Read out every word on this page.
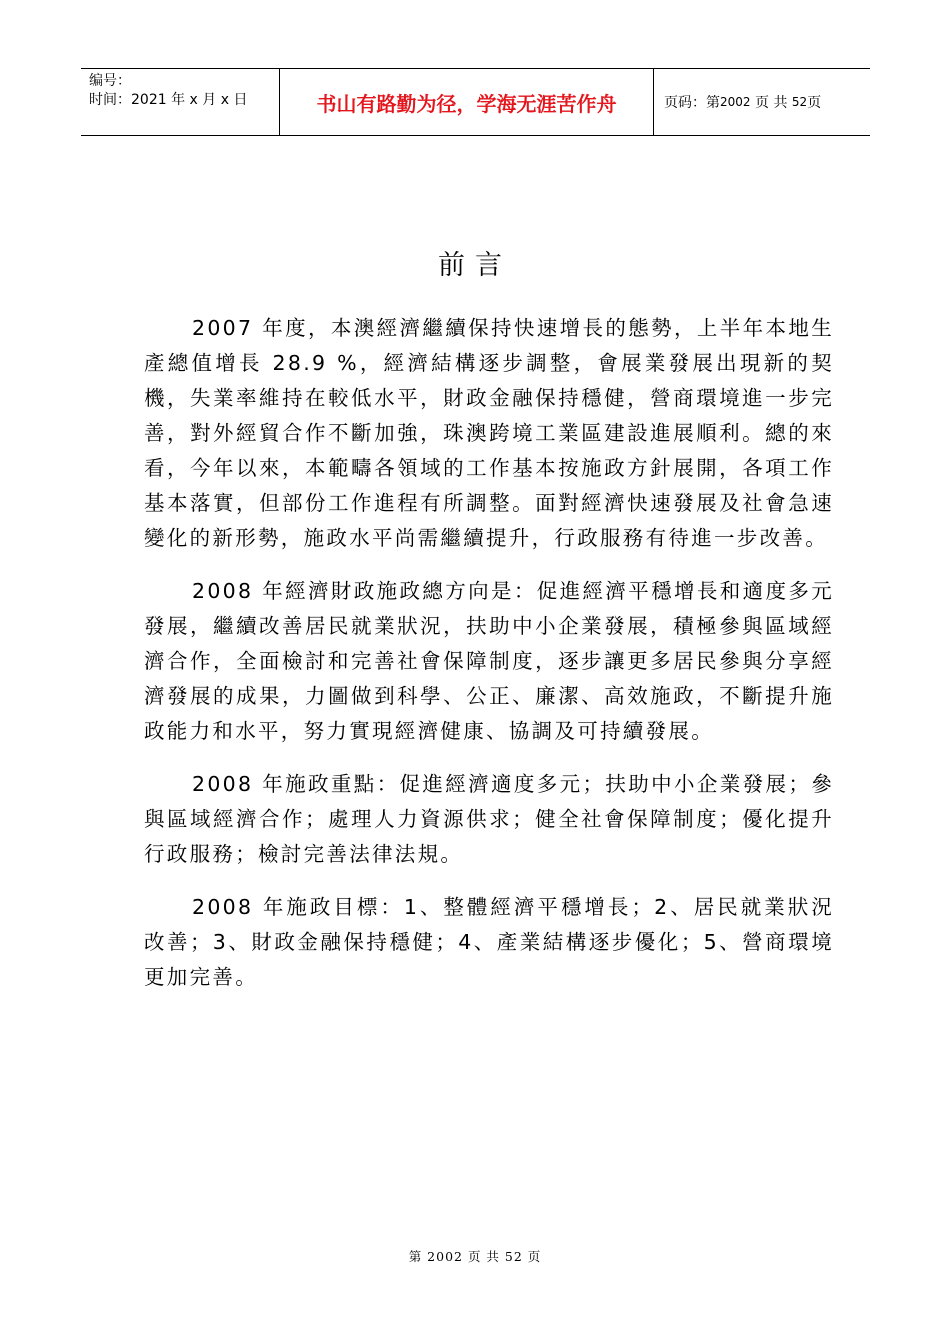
编号：
时间：2021 年 x 月 x 日	书山有路勤为径，学海无涯苦作舟	页码：第 2002
页 共
52 页
前言

2007 年度，本澳經濟繼續保持快速增長的態勢，上半年本地生產總值增長 28.9 %，經濟結構逐步調整，會展業發展出現新的契機，失業率維持在較低水平，財政金融保持穩健，營商環境進一步完善，對外經貿合作不斷加強，珠澳跨境工業區建設進展順利。總的來看，今年以來，本範疇各領域的工作基本按施政方針展開，各項工作基本落實，但部份工作進程有所調整。面對經濟快速發展及社會急速變化的新形勢，施政水平尚需繼續提升，行政服務有待進一步改善。

2008 年經濟財政施政總方向是：促進經濟平穩增長和適度多元發展，繼續改善居民就業狀況，扶助中小企業發展，積極參與區域經濟合作，全面檢討和完善社會保障制度，逐步讓更多居民參與分享經濟發展的成果，力圖做到科學、公正、廉潔、高效施政，不斷提升施政能力和水平，努力實現經濟健康、協調及可持續發展。

2008 年施政重點：促進經濟適度多元；扶助中小企業發展；參與區域經濟合作；處理人力資源供求；健全社會保障制度；優化提升行政服務；檢討完善法律法規。

2008 年施政目標：1、整體經濟平穩增長；2、居民就業狀況改善；3、財政金融保持穩健；4、產業結構逐步優化；5、營商環境更加完善。

第 2002 页 共 52 页
